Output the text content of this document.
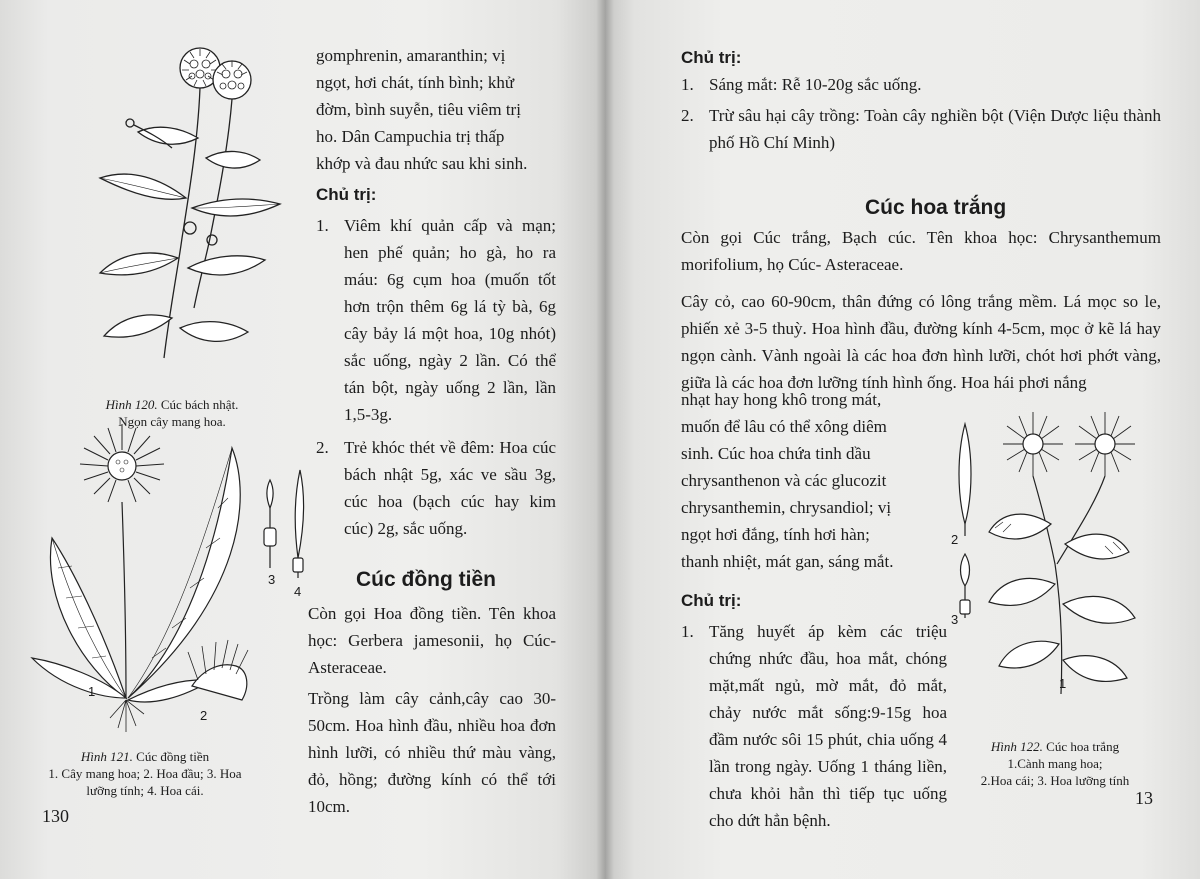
Hình 120. Cúc bách nhật.
Ngọn cây mang hoa.
1
2
3
4
Hình 121. Cúc đồng tiền
1. Cây mang hoa; 2. Hoa đầu; 3. Hoa
lưỡng tính; 4. Hoa cái.
gomphrenin, amaranthin; vị
ngọt, hơi chát, tính bình; khử
đờm, bình suyễn, tiêu viêm trị
ho. Dân Campuchia trị thấp
khớp và đau nhức sau khi sinh.
Chủ trị:
1. Viêm khí quản cấp và mạn; hen phế quản; ho gà, ho ra máu: 6g cụm hoa (muốn tốt hơn trộn thêm 6g lá tỳ bà, 6g cây bảy lá một hoa, 10g nhót) sắc uống, ngày 2 lần. Có thể tán bột, ngày uống 2 lần, lần 1,5-3g.
2. Trẻ khóc thét về đêm: Hoa cúc bách nhật 5g, xác ve sầu 3g, cúc hoa (bạch cúc hay kim cúc) 2g, sắc uống.
Cúc đồng tiền

Còn gọi Hoa đồng tiền. Tên khoa học: Gerbera jamesonii, họ Cúc-Asteraceae.

Trồng làm cây cảnh,cây cao 30-50cm. Hoa hình đầu, nhiều hoa đơn hình lưỡi, có nhiều thứ màu vàng, đỏ, hồng; đường kính có thể tới 10cm.

130
Chủ trị:
1. Sáng mắt: Rễ 10-20g sắc uống.
2. Trừ sâu hại cây trồng: Toàn cây nghiền bột (Viện Dược liệu thành phố Hồ Chí Minh)
Cúc hoa trắng

Còn gọi Cúc trắng, Bạch cúc. Tên khoa học: Chrysanthemum morifolium, họ Cúc- Asteraceae.

Cây cỏ, cao 60-90cm, thân đứng có lông trắng mềm. Lá mọc so le, phiến xẻ 3-5 thuỳ. Hoa hình đầu, đường kính 4-5cm, mọc ở kẽ lá hay ngọn cành. Vành ngoài là các hoa đơn hình lưỡi, chót hơi phớt vàng, giữa là các hoa đơn lưỡng tính hình ống. Hoa hái phơi nắng

nhạt hay hong khô trong mát,
muốn để lâu có thể xông diêm
sinh. Cúc hoa chứa tinh dầu
chrysanthenon và các glucozit
chrysanthemin, chrysandiol; vị
ngọt hơi đắng, tính hơi hàn;
thanh nhiệt, mát gan, sáng mắt.
Chủ trị:
1. Tăng huyết áp kèm các triệu chứng nhức đầu, hoa mắt, chóng mặt,mất ngủ, mờ mắt, đỏ mắt, chảy nước mắt sống:9-15g hoa đầm nước sôi 15 phút, chia uống 4 lần trong ngày. Uống 1 tháng liền, chưa khỏi hẳn thì tiếp tục uống cho dứt hẳn bệnh.
2
3
1
Hình 122. Cúc hoa trắng
1.Cành mang hoa;
2.Hoa cái; 3. Hoa lưỡng tính
13
